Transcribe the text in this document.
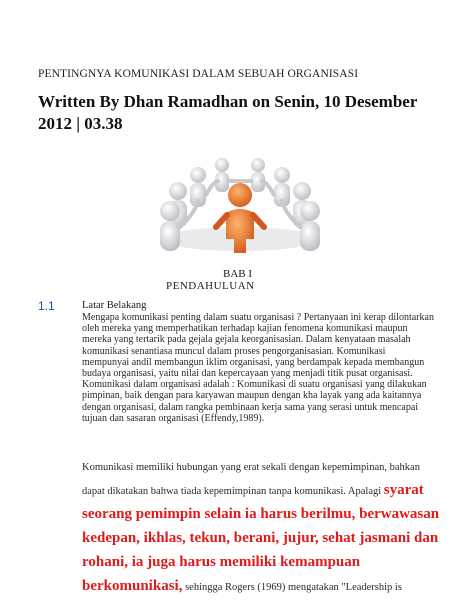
PENTINGNYA KOMUNIKASI DALAM SEBUAH ORGANISASI
Written By Dhan Ramadhan on Senin, 10 Desember 2012 | 03.38
BAB I
PENDAHULUAN
1.1	Latar Belakang
Mengapa komunikasi penting dalam suatu organisasi ? Pertanyaan ini kerap dilontarkan oleh mereka yang memperhatikan terhadap kajian fenomena komunikasi maupun mereka yang tertarik pada gejala gejala keorganisasian. Dalam kenyataan masalah komunikasi senantiasa muncul dalam proses pengorganisasian. Komunikasi mempunyai andil membangun iklim organisasi, yang berdampak kepada membangun budaya organisasi, yaitu nilai dan kepercayaan yang menjadi titik pusat organisasi. Komunikasi dalam organisasi adalah : Komunikasi di suatu organisasi yang dilakukan pimpinan, baik dengan para karyawan maupun dengan kha layak yang ada kaitannya dengan organisasi, dalam rangka pembinaan kerja sama yang serasi untuk mencapai tujuan dan sasaran organisasi (Effendy,1989).
Komunikasi memiliki hubungan yang erat sekali dengan kepemimpinan, bahkan dapat dikatakan bahwa tiada kepemimpinan tanpa komunikasi. Apalagi syarat seorang pemimpin selain ia harus berilmu, berwawasan kedepan, ikhlas, tekun, berani, jujur, sehat jasmani dan rohani, ia juga harus memiliki kemampuan berkomunikasi, sehingga Rogers (1969) mengatakan "Leadership is
